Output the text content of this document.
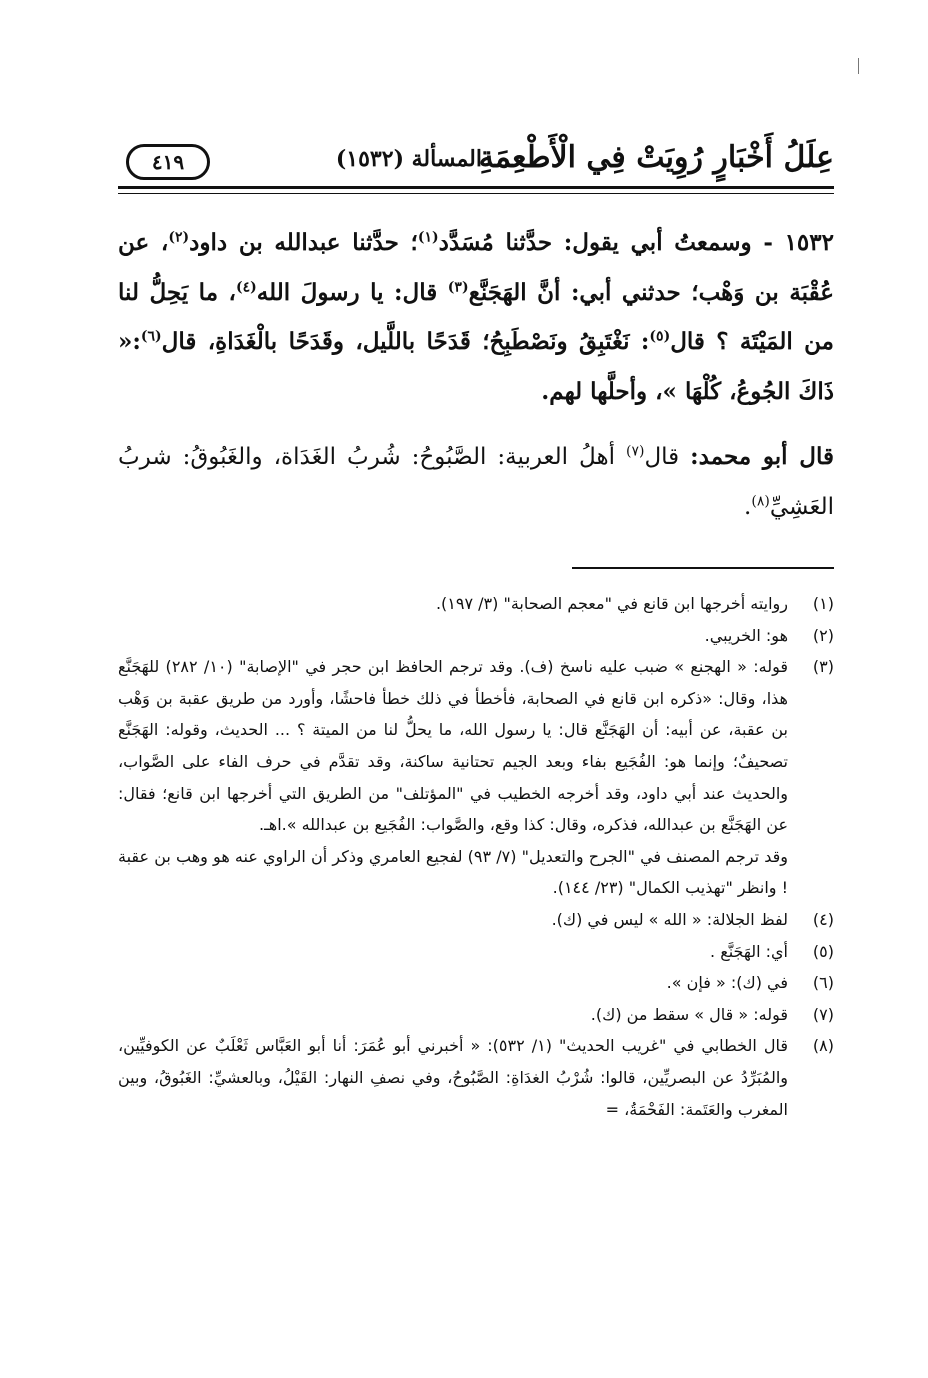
عِلَلُ أَخْبَارٍ رُوِيَتْ فِي الْأَطْعِمَةِ
المسألة (١٥٣٢)
٤١٩

١٥٣٢ - وسمعتُ أبي يقول: حدَّثنا مُسَدَّد$^{(١)}$؛ حدَّثنا عبدالله بن داود$^{(٢)}$، عن عُقْبَة بن وَهْب؛ حدثني أبي: أنَّ الهَجَنَّع$^{(٣)}$ قال: يا رسولَ الله$^{(٤)}$، ما يَحِلُّ لنا من المَيْتَة ؟ قال$^{(٥)}$: نَغْتَبِقُ ونَصْطَبِحُ؛ قَدَحًا باللَّيل، وقَدَحًا بالْغَدَاةِ، قال$^{(٦)}$:« ذَاكَ الجُوعُ، كُلْهَا »، وأحلَّها لهم.

قال أبو محمد: قال$^{(٧)}$ أهلُ العربية: الصَّبُوحُ: شُربُ الغَدَاة، والغَبُوقُ: شربُ العَشِيِّ$^{(٨)}$.

(١)
روايته أخرجها ابن قانع في "معجم الصحابة" (٣/ ١٩٧).
(٢)
هو: الخريبي.
(٣)
قوله: « الهجنع » ضبب عليه ناسخ (ف). وقد ترجم الحافظ ابن حجر في "الإصابة" (١٠/ ٢٨٢) للهَجَنَّع هذا، وقال: «ذكره ابن قانع في الصحابة، فأخطأ في ذلك خطأ فاحشًا، وأورد من طريق عقبة بن وَهْب بن عقبة، عن أبيه: أن الهَجَنَّع قال: يا رسول الله، ما يحلُّ لنا من الميتة ؟ ... الحديث، وقوله: الهَجَنَّع تصحيفٌ؛ وإنما هو: الفُجَيع بفاء وبعد الجيم تحتانية ساكنة، وقد تقدَّم في حرف الفاء على الصَّواب، والحديث عند أبي داود، وقد أخرجه الخطيب في "المؤتلف" من الطريق التي أخرجها ابن قانع؛ فقال: عن الهَجَنَّع بن عبدالله، فذكره، وقال: كذا وقع، والصَّواب: الفُجَيع بن عبدالله ».اهـ.
وقد ترجم المصنف في "الجرح والتعديل" (٧/ ٩٣) لفجيع العامري وذكر أن الراوي عنه هو وهب بن عقبة ! وانظر "تهذيب الكمال" (٢٣/ ١٤٤).
(٤)
لفظ الجلالة: « الله » ليس في (ك).
(٥)
أي: الهَجَنَّع .
(٦)
في (ك): « فإن ».
(٧)
قوله: « قال » سقط من (ك).
(٨)
قال الخطابي في "غريب الحديث" (١/ ٥٣٢): « أخبرني أبو عُمَرَ: أنا أبو العَبَّاس ثَعْلَبٌ عن الكوفيِّين، والمُبَرِّدُ عن البصريِّين، قالوا: شُرْبُ الغدَاةِ: الصَّبُوحُ، وفي نصفِ النهار: القَيْلُ، وبالعشيِّ: الغَبُوقُ، وبين المغرب والعَتَمة: الفَحْمَةُ، =
